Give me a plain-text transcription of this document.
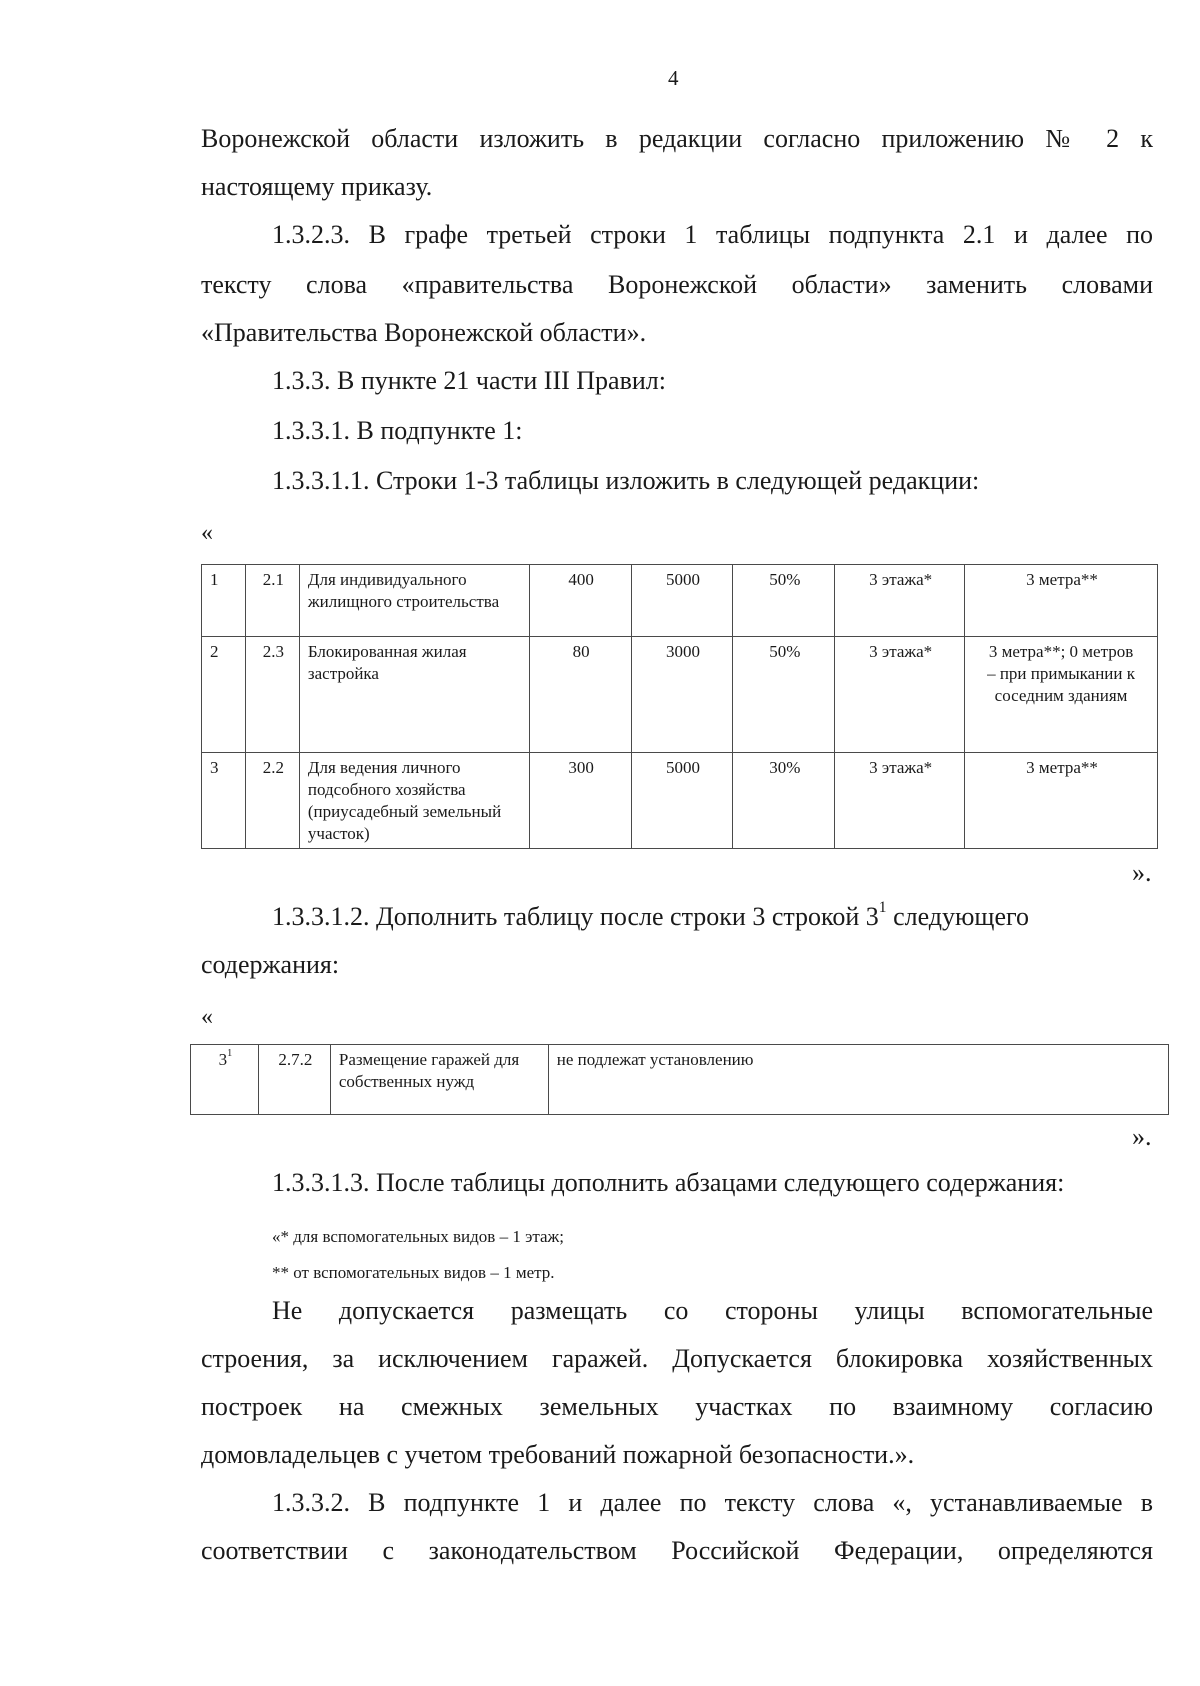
4
Воронежской области изложить в редакции согласно приложению № 2 к
настоящему приказу.
1.3.2.3. В графе третьей строки 1 таблицы подпункта 2.1 и далее по
тексту слова «правительства Воронежской области» заменить словами
«Правительства Воронежской области».
1.3.3. В пункте 21 части III Правил:
1.3.3.1. В подпункте 1:
1.3.3.1.1. Строки 1-3 таблицы изложить в следующей редакции:
«
1	2.1	Для индивидуального жилищного строительства	400	5000	50%	3 этажа*	3 метра**
2	2.3	Блокированная жилая застройка	80	3000	50%	3 этажа*	3 метра**; 0 метров – при примыкании к соседним зданиям
3	2.2	Для ведения личного подсобного хозяйства (приусадебный земельный участок)	300	5000	30%	3 этажа*	3 метра**
».
1.3.3.1.2. Дополнить таблицу после строки 3 строкой $3^1$ следующего
содержания:
«
$3^1$	2.7.2	Размещение гаражей для собственных нужд	не подлежат установлению
».
1.3.3.1.3. После таблицы дополнить абзацами следующего содержания:
«* для вспомогательных видов – 1 этаж;
** от вспомогательных видов – 1 метр.
Не допускается размещать со стороны улицы вспомогательные
строения, за исключением гаражей. Допускается блокировка хозяйственных
построек на смежных земельных участках по взаимному согласию
домовладельцев с учетом требований пожарной безопасности.».
1.3.3.2. В подпункте 1 и далее по тексту слова «, устанавливаемые в
соответствии с законодательством Российской Федерации, определяются
